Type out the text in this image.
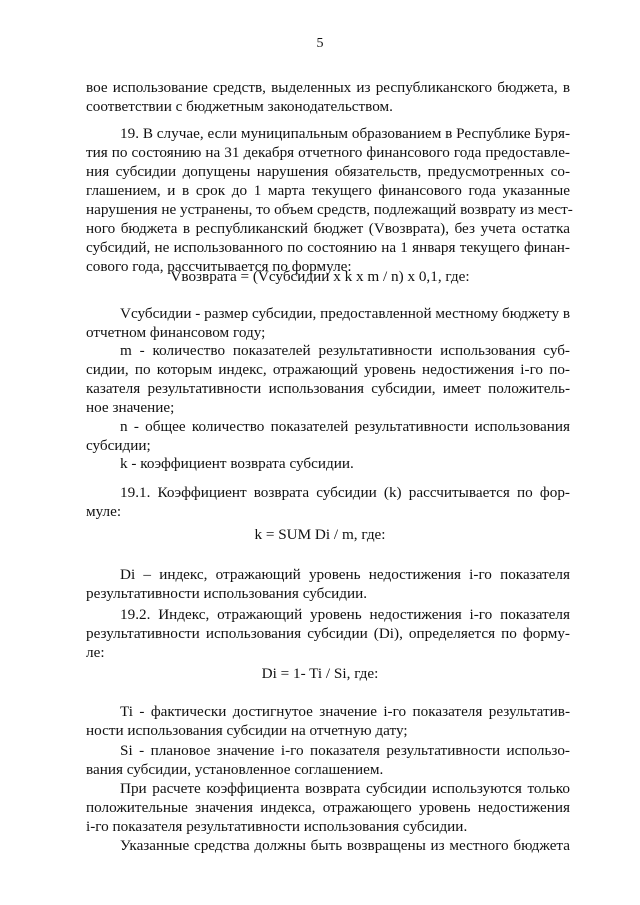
5
вое использование средств, выделенных из республиканского бюджета, в
соответствии с бюджетным законодательством.
19. В случае, если муниципальным образованием в Республике Буря-
тия по состоянию на 31 декабря отчетного финансового года предоставле-
ния субсидии допущены нарушения обязательств, предусмотренных со-
глашением, и в срок до 1 марта текущего финансового года указанные
нарушения не устранены, то объем средств, подлежащий возврату из мест-
ного бюджета в республиканский бюджет (Vвозврата), без учета остатка
субсидий, не использованного по состоянию на 1 января текущего финан-
сового года, рассчитывается по формуле:
Vсубсидии - размер субсидии, предоставленной местному бюджету в
отчетном финансовом году;
m - количество показателей результативности использования суб-
сидии, по которым индекс, отражающий уровень недостижения i-го по-
казателя результативности использования субсидии, имеет положитель-
ное значение;
n - общее количество показателей результативности использования
субсидии;
k - коэффициент возврата субсидии.
19.1. Коэффициент возврата субсидии (k) рассчитывается по фор-
муле:
Di – индекс, отражающий уровень недостижения i-го показателя
результативности использования субсидии.
19.2. Индекс, отражающий уровень недостижения i-го показателя
результативности использования субсидии (Di), определяется по форму-
ле:
Ti - фактически достигнутое значение i-го показателя результатив-
ности использования субсидии на отчетную дату;
Si - плановое значение i-го показателя результативности использо-
вания субсидии, установленное соглашением.
При расчете коэффициента возврата субсидии используются только
положительные значения индекса, отражающего уровень недостижения
i-го показателя результативности использования субсидии.
Указанные средства должны быть возвращены из местного бюджета
Vвозврата = (Vсубсидии x k x m / n) x 0,1, где:
k = SUM Di / m, где:
Di = 1- Ti / Si, где:
